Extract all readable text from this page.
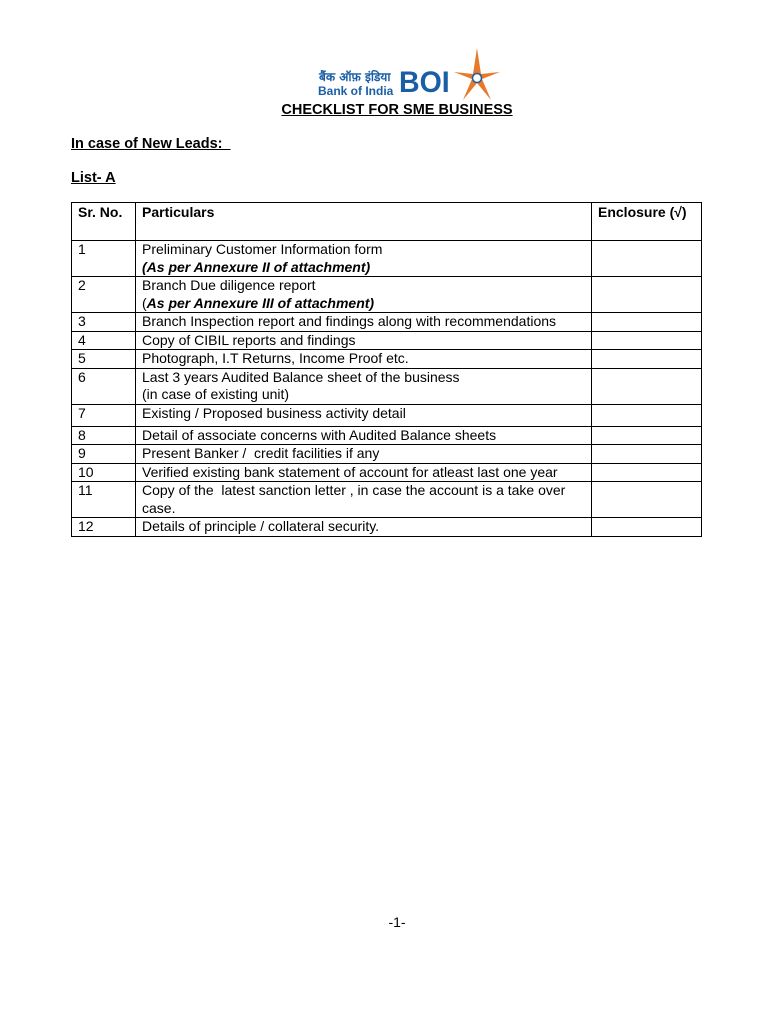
बैंक ऑफ़ इंडिया
Bank of India BOI
CHECKLIST FOR SME BUSINESS
In case of New Leads:
List- A
Sr. No.	Particulars	Enclosure (√)
1	Preliminary Customer Information form
(As per Annexure II of attachment)	

2	Branch Due diligence report
(As per Annexure III of attachment)	

3	Branch Inspection report and findings along with recommendations	
4	Copy of CIBIL reports and findings	
5	Photograph, I.T Returns, Income Proof etc.	
6	Last 3 years Audited Balance sheet of the business
(in case of existing unit)	

7	Existing / Proposed business activity detail	
8	Detail of associate concerns with Audited Balance sheets	
9	Present Banker /  credit facilities if any	
10	Verified existing bank statement of account for atleast last one year	
11	Copy of the  latest sanction letter , in case the account is a take over case.	
12	Details of principle / collateral security.	
-1-
